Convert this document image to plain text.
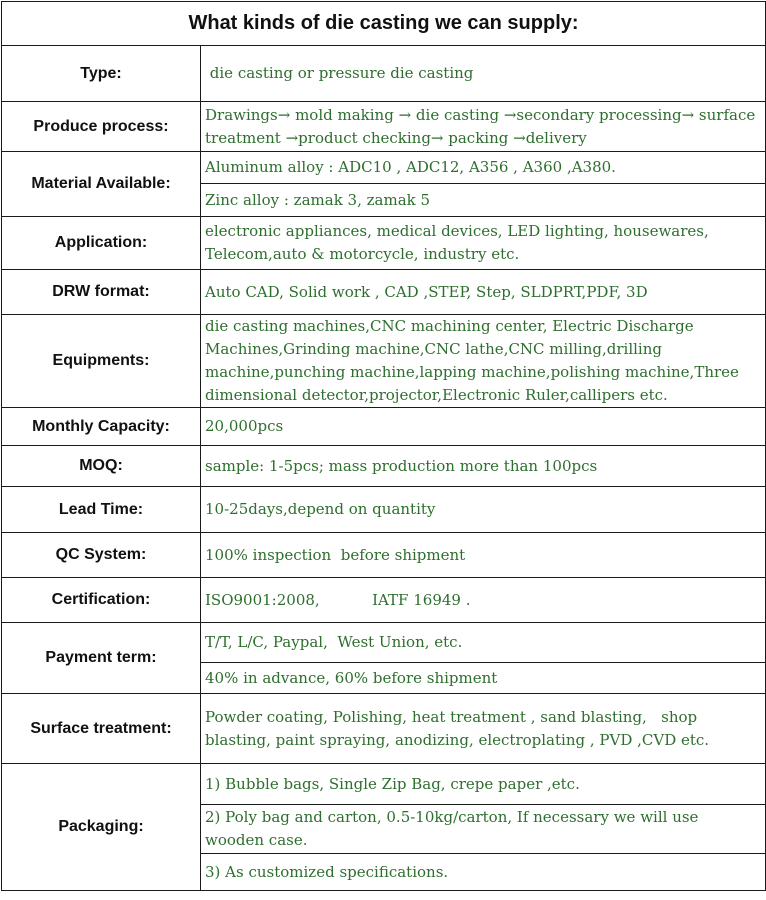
What kinds of die casting we can supply:	
Type:	die casting or pressure die casting
Produce process:	Drawings→ mold making → die casting →secondary processing→ surface treatment →product checking→ packing →delivery
Material Available:	Aluminum alloy : ADC10 , ADC12, A356 , A360 ,A380.
	Zinc alloy : zamak 3, zamak 5
Application:	electronic appliances, medical devices, LED lighting, housewares, Telecom,auto & motorcycle, industry etc.
DRW format:	Auto CAD, Solid work , CAD ,STEP, Step, SLDPRT,PDF, 3D
Equipments:	die casting machines,CNC machining center, Electric Discharge Machines,Grinding machine,CNC lathe,CNC milling,drilling machine,punching machine,lapping machine,polishing machine,Three dimensional detector,projector,Electronic Ruler,callipers etc.
Monthly Capacity:	20,000pcs
MOQ:	sample: 1-5pcs; mass production more than 100pcs
Lead Time:	10-25days,depend on quantity
QC System:	100% inspection  before shipment
Certification:	ISO9001:2008,           IATF 16949 .
Payment term:	T/T, L/C, Paypal,  West Union, etc.
	40% in advance, 60% before shipment
Surface treatment:	Powder coating, Polishing, heat treatment , sand blasting,   shop blasting, paint spraying, anodizing, electroplating , PVD ,CVD etc.
Packaging:	1) Bubble bags, Single Zip Bag, crepe paper ,etc.
	2) Poly bag and carton, 0.5-10kg/carton, If necessary we will use wooden case.
	3) As customized specifications.
